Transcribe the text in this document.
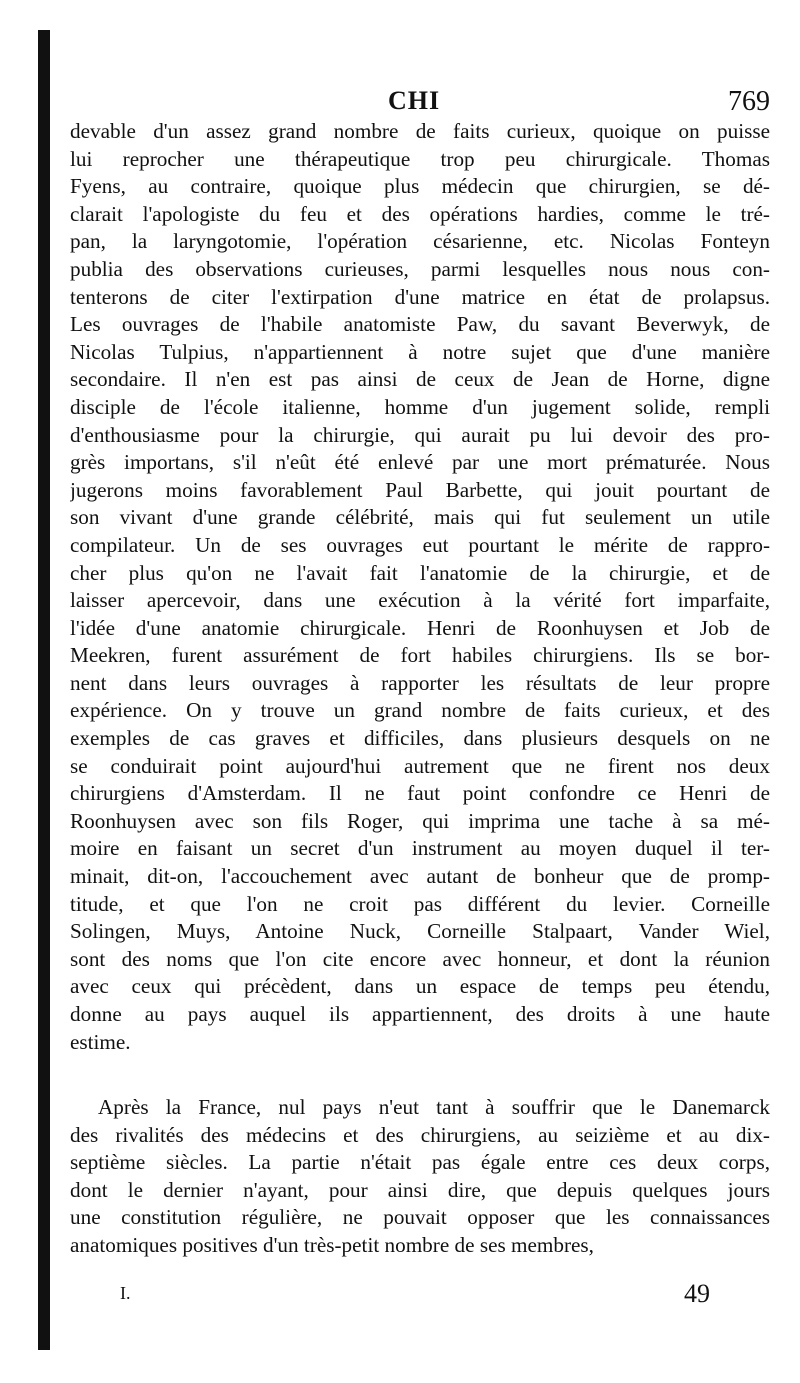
CHI	769
devable d'un assez grand nombre de faits curieux, quoique on puisse
lui reprocher une thérapeutique trop peu chirurgicale. Thomas
Fyens, au contraire, quoique plus médecin que chirurgien, se dé-
clarait l'apologiste du feu et des opérations hardies, comme le tré-
pan, la laryngotomie, l'opération césarienne, etc. Nicolas Fonteyn
publia des observations curieuses, parmi lesquelles nous nous con-
tenterons de citer l'extirpation d'une matrice en état de prolapsus.
Les ouvrages de l'habile anatomiste Paw, du savant Beverwyk, de
Nicolas Tulpius, n'appartiennent à notre sujet que d'une manière
secondaire. Il n'en est pas ainsi de ceux de Jean de Horne, digne
disciple de l'école italienne, homme d'un jugement solide, rempli
d'enthousiasme pour la chirurgie, qui aurait pu lui devoir des pro-
grès importans, s'il n'eût été enlevé par une mort prématurée. Nous
jugerons moins favorablement Paul Barbette, qui jouit pourtant de
son vivant d'une grande célébrité, mais qui fut seulement un utile
compilateur. Un de ses ouvrages eut pourtant le mérite de rappro-
cher plus qu'on ne l'avait fait l'anatomie de la chirurgie, et de
laisser apercevoir, dans une exécution à la vérité fort imparfaite,
l'idée d'une anatomie chirurgicale. Henri de Roonhuysen et Job de
Meekren, furent assurément de fort habiles chirurgiens. Ils se bor-
nent dans leurs ouvrages à rapporter les résultats de leur propre
expérience. On y trouve un grand nombre de faits curieux, et des
exemples de cas graves et difficiles, dans plusieurs desquels on ne
se conduirait point aujourd'hui autrement que ne firent nos deux
chirurgiens d'Amsterdam. Il ne faut point confondre ce Henri de
Roonhuysen avec son fils Roger, qui imprima une tache à sa mé-
moire en faisant un secret d'un instrument au moyen duquel il ter-
minait, dit-on, l'accouchement avec autant de bonheur que de promp-
titude, et que l'on ne croit pas différent du levier. Corneille
Solingen, Muys, Antoine Nuck, Corneille Stalpaart, Vander Wiel,
sont des noms que l'on cite encore avec honneur, et dont la réunion
avec ceux qui précèdent, dans un espace de temps peu étendu,
donne au pays auquel ils appartiennent, des droits à une haute
estime.
Après la France, nul pays n'eut tant à souffrir que le Danemarck
des rivalités des médecins et des chirurgiens, au seizième et au dix-
septième siècles. La partie n'était pas égale entre ces deux corps,
dont le dernier n'ayant, pour ainsi dire, que depuis quelques jours
une constitution régulière, ne pouvait opposer que les connaissances
anatomiques positives d'un très-petit nombre de ses membres,
I.	49
